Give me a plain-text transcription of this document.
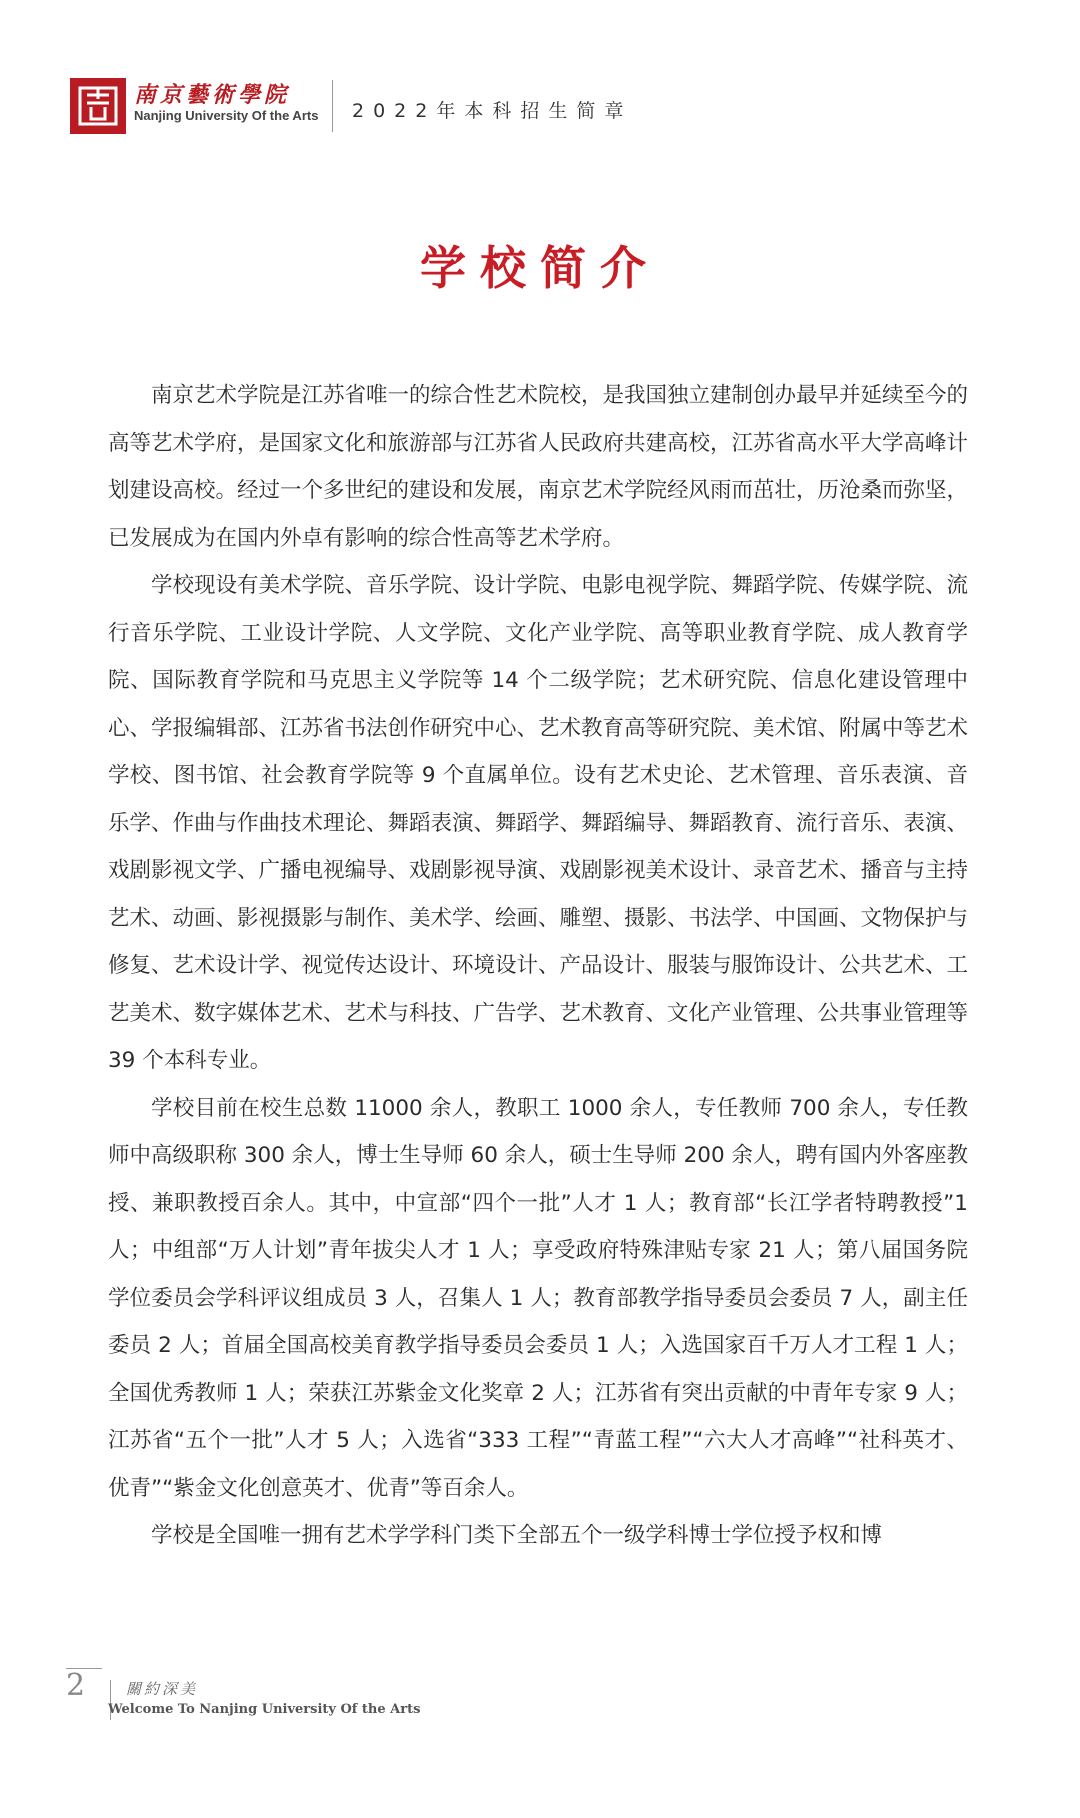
南京藝術學院
Nanjing University Of the Arts 2022年本科招生简章
学校简介

南京艺术学院是江苏省唯一的综合性艺术院校，是我国独立建制创办最早并延续至今的高等艺术学府，是国家文化和旅游部与江苏省人民政府共建高校，江苏省高水平大学高峰计划建设高校。经过一个多世纪的建设和发展，南京艺术学院经风雨而茁壮，历沧桑而弥坚，已发展成为在国内外卓有影响的综合性高等艺术学府。

学校现设有美术学院、音乐学院、设计学院、电影电视学院、舞蹈学院、传媒学院、流行音乐学院、工业设计学院、人文学院、文化产业学院、高等职业教育学院、成人教育学院、国际教育学院和马克思主义学院等 14 个二级学院；艺术研究院、信息化建设管理中心、学报编辑部、江苏省书法创作研究中心、艺术教育高等研究院、美术馆、附属中等艺术学校、图书馆、社会教育学院等 9 个直属单位。设有艺术史论、艺术管理、音乐表演、音乐学、作曲与作曲技术理论、舞蹈表演、舞蹈学、舞蹈编导、舞蹈教育、流行音乐、表演、戏剧影视文学、广播电视编导、戏剧影视导演、戏剧影视美术设计、录音艺术、播音与主持艺术、动画、影视摄影与制作、美术学、绘画、雕塑、摄影、书法学、中国画、文物保护与修复、艺术设计学、视觉传达设计、环境设计、产品设计、服装与服饰设计、公共艺术、工艺美术、数字媒体艺术、艺术与科技、广告学、艺术教育、文化产业管理、公共事业管理等 39 个本科专业。

学校目前在校生总数 11000 余人，教职工 1000 余人，专任教师 700 余人，专任教师中高级职称 300 余人，博士生导师 60 余人，硕士生导师 200 余人，聘有国内外客座教授、兼职教授百余人。其中，中宣部“四个一批”人才 1 人；教育部“长江学者特聘教授”1 人；中组部“万人计划”青年拔尖人才 1 人；享受政府特殊津贴专家 21 人；第八届国务院学位委员会学科评议组成员 3 人，召集人 1 人；教育部教学指导委员会委员 7 人，副主任委员 2 人；首届全国高校美育教学指导委员会委员 1 人；入选国家百千万人才工程 1 人；全国优秀教师 1 人；荣获江苏紫金文化奖章 2 人；江苏省有突出贡献的中青年专家 9 人；江苏省“五个一批”人才 5 人；入选省“333 工程”“青蓝工程”“六大人才高峰”“社科英才、优青”“紫金文化创意英才、优青”等百余人。

学校是全国唯一拥有艺术学学科门类下全部五个一级学科博士学位授予权和博

2	關約深美
Welcome To Nanjing University Of the Arts
